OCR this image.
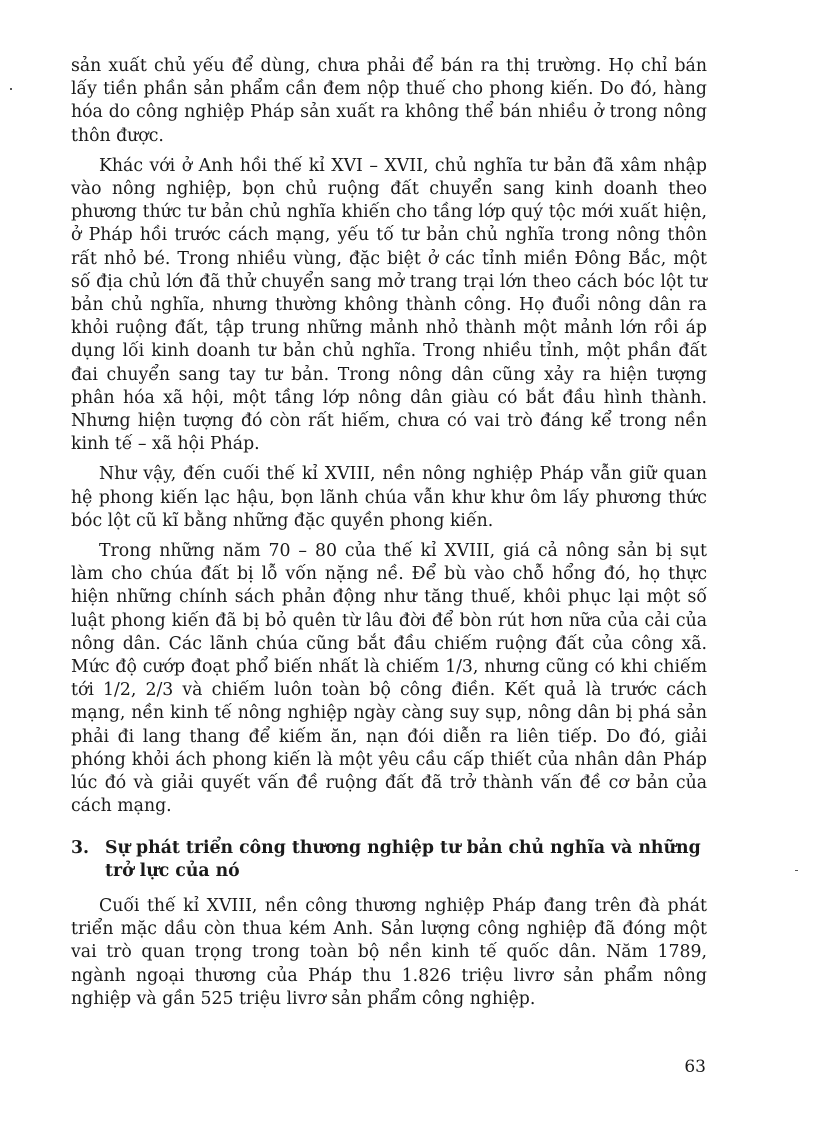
sản xuất chủ yếu để dùng, chưa phải để bán ra thị trường. Họ chỉ bán lấy tiền phần sản phẩm cần đem nộp thuế cho phong kiến. Do đó, hàng hóa do công nghiệp Pháp sản xuất ra không thể bán nhiều ở trong nông thôn được.

Khác với ở Anh hồi thế kỉ XVI – XVII, chủ nghĩa tư bản đã xâm nhập vào nông nghiệp, bọn chủ ruộng đất chuyển sang kinh doanh theo phương thức tư bản chủ nghĩa khiến cho tầng lớp quý tộc mới xuất hiện, ở Pháp hồi trước cách mạng, yếu tố tư bản chủ nghĩa trong nông thôn rất nhỏ bé. Trong nhiều vùng, đặc biệt ở các tỉnh miền Đông Bắc, một số địa chủ lớn đã thử chuyển sang mở trang trại lớn theo cách bóc lột tư bản chủ nghĩa, nhưng thường không thành công. Họ đuổi nông dân ra khỏi ruộng đất, tập trung những mảnh nhỏ thành một mảnh lớn rồi áp dụng lối kinh doanh tư bản chủ nghĩa. Trong nhiều tỉnh, một phần đất đai chuyển sang tay tư bản. Trong nông dân cũng xảy ra hiện tượng phân hóa xã hội, một tầng lớp nông dân giàu có bắt đầu hình thành. Nhưng hiện tượng đó còn rất hiếm, chưa có vai trò đáng kể trong nền kinh tế – xã hội Pháp.

Như vậy, đến cuối thế kỉ XVIII, nền nông nghiệp Pháp vẫn giữ quan hệ phong kiến lạc hậu, bọn lãnh chúa vẫn khư khư ôm lấy phương thức bóc lột cũ kĩ bằng những đặc quyền phong kiến.

Trong những năm 70 – 80 của thế kỉ XVIII, giá cả nông sản bị sụt làm cho chúa đất bị lỗ vốn nặng nề. Để bù vào chỗ hổng đó, họ thực hiện những chính sách phản động như tăng thuế, khôi phục lại một số luật phong kiến đã bị bỏ quên từ lâu đời để bòn rút hơn nữa của cải của nông dân. Các lãnh chúa cũng bắt đầu chiếm ruộng đất của công xã. Mức độ cướp đoạt phổ biến nhất là chiếm 1/3, nhưng cũng có khi chiếm tới 1/2, 2/3 và chiếm luôn toàn bộ công điền. Kết quả là trước cách mạng, nền kinh tế nông nghiệp ngày càng suy sụp, nông dân bị phá sản phải đi lang thang để kiếm ăn, nạn đói diễn ra liên tiếp. Do đó, giải phóng khỏi ách phong kiến là một yêu cầu cấp thiết của nhân dân Pháp lúc đó và giải quyết vấn đề ruộng đất đã trở thành vấn đề cơ bản của cách mạng.

3. Sự phát triển công thương nghiệp tư bản chủ nghĩa và những trở lực của nó

Cuối thế kỉ XVIII, nền công thương nghiệp Pháp đang trên đà phát triển mặc dầu còn thua kém Anh. Sản lượng công nghiệp đã đóng một vai trò quan trọng trong toàn bộ nền kinh tế quốc dân. Năm 1789, ngành ngoại thương của Pháp thu 1.826 triệu livrơ sản phẩm nông nghiệp và gần 525 triệu livrơ sản phẩm công nghiệp.

63
